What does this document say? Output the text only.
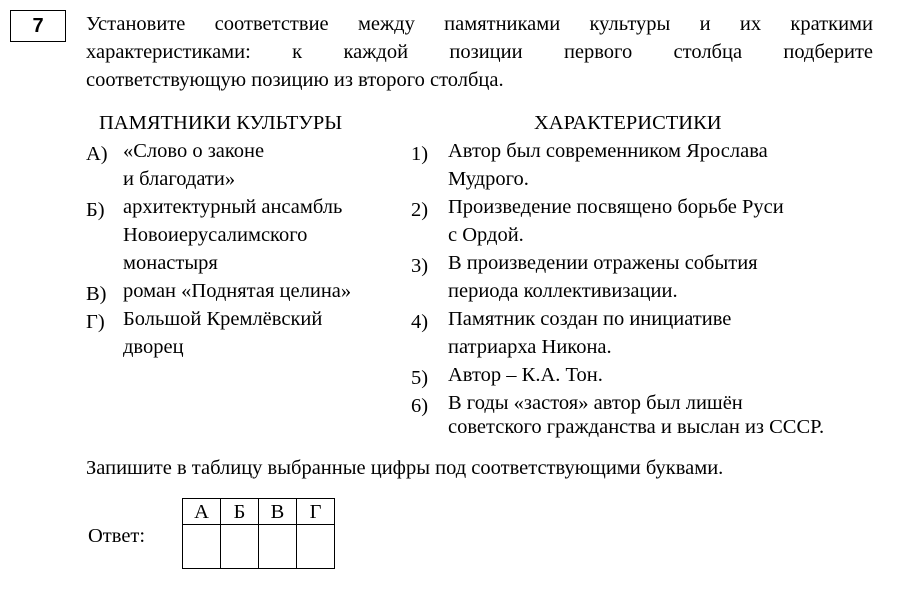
7	Установите соответствие между памятниками культуры и их краткими
характеристиками: к каждой позиции первого столбца подберите
соответствующую позицию из второго столбца.
ПАМЯТНИКИ КУЛЬТУРЫ	ХАРАКТЕРИСТИКИ
А) «Слово о законе
и благодати»
Б) архитектурный ансамбль
Новоиерусалимского
монастыря
В) роман «Поднятая целина»
Г) Большой Кремлёвский
дворец
1) Автор был современником Ярослава
Мудрого.
2) Произведение посвящено борьбе Руси
с Ордой.
3) В произведении отражены события
периода коллективизации.
4) Памятник создан по инициативе
патриарха Никона.
5) Автор – К.А. Тон.
6) В годы «застоя» автор был лишён
советского гражданства и выслан из СССР.
Запишите в таблицу выбранные цифры под соответствующими буквами.
Ответ:
А	Б	В	Г
